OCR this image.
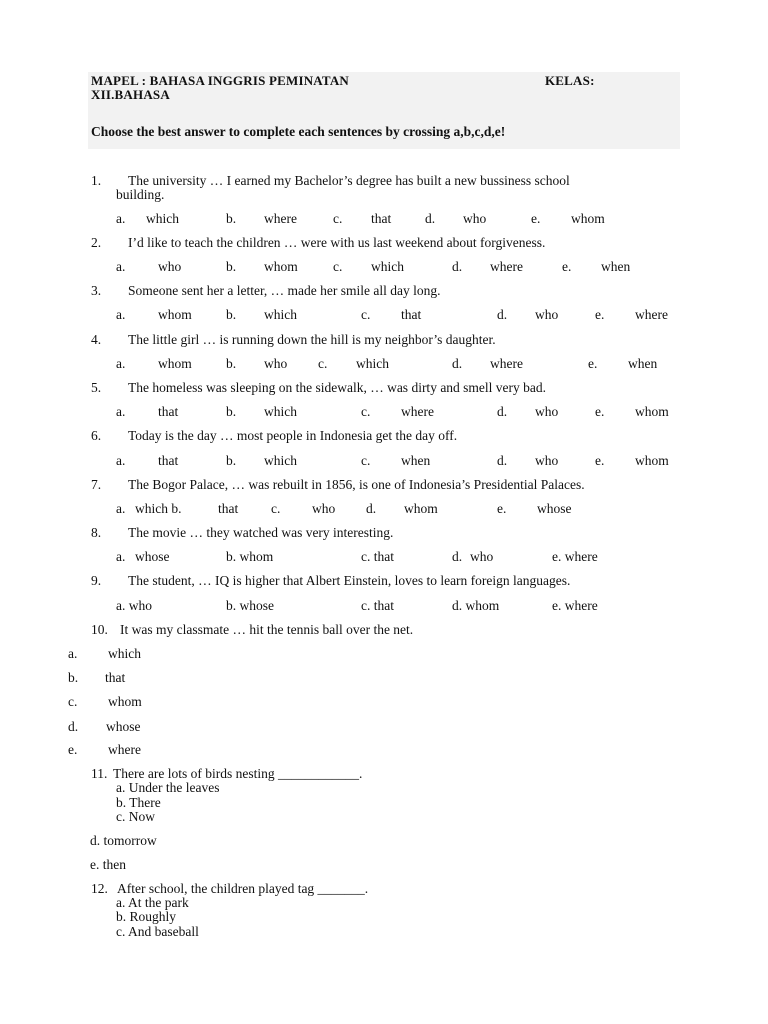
MAPEL : BAHASA INGGRIS PEMINATAN	KELAS:
XII.BAHASA
Choose the best answer to complete each sentences by crossing a,b,c,d,e!
1. The university … I earned my Bachelor’s degree has built a new bussiness school
building.
a. which	b. where	c. that	d. who	e. whom
2. I’d like to teach the children … were with us last weekend about forgiveness.
a. who	b. whom	c. which	d. where	e. when
3. Someone sent her a letter, … made her smile all day long.
a. whom	b. which	c. that	d. who	e. where
4. The little girl … is running down the hill is my neighbor’s daughter.
a. whom	b. who c. which	d. where	e. when
5. The homeless was sleeping on the sidewalk, … was dirty and smell very bad.
a. that	b. which	c. where	d. who	e. whom
6. Today is the day … most people in Indonesia get the day off.
a. that	b. which	c. when	d. who	e. whom
7. The Bogor Palace, … was rebuilt in 1856, is one of Indonesia’s Presidential Palaces.
a. which b.	that c. who d. whom	e. whose
8. The movie … they watched was very interesting.
a. whose	b. whom	c. that	d. who	e. where
9. The student, … IQ is higher that Albert Einstein, loves to learn foreign languages.
a. who	b. whose	c. that	d. whom	e. where
10. It was my classmate … hit the tennis ball over the net.
a. which
b. that
c. whom
d. whose
e. where
11. There are lots of birds nesting ____________.
a. Under the leaves
b. There
c. Now
d. tomorrow
e. then
12. After school, the children played tag _______.
a. At the park
b. Roughly
c. And baseball
